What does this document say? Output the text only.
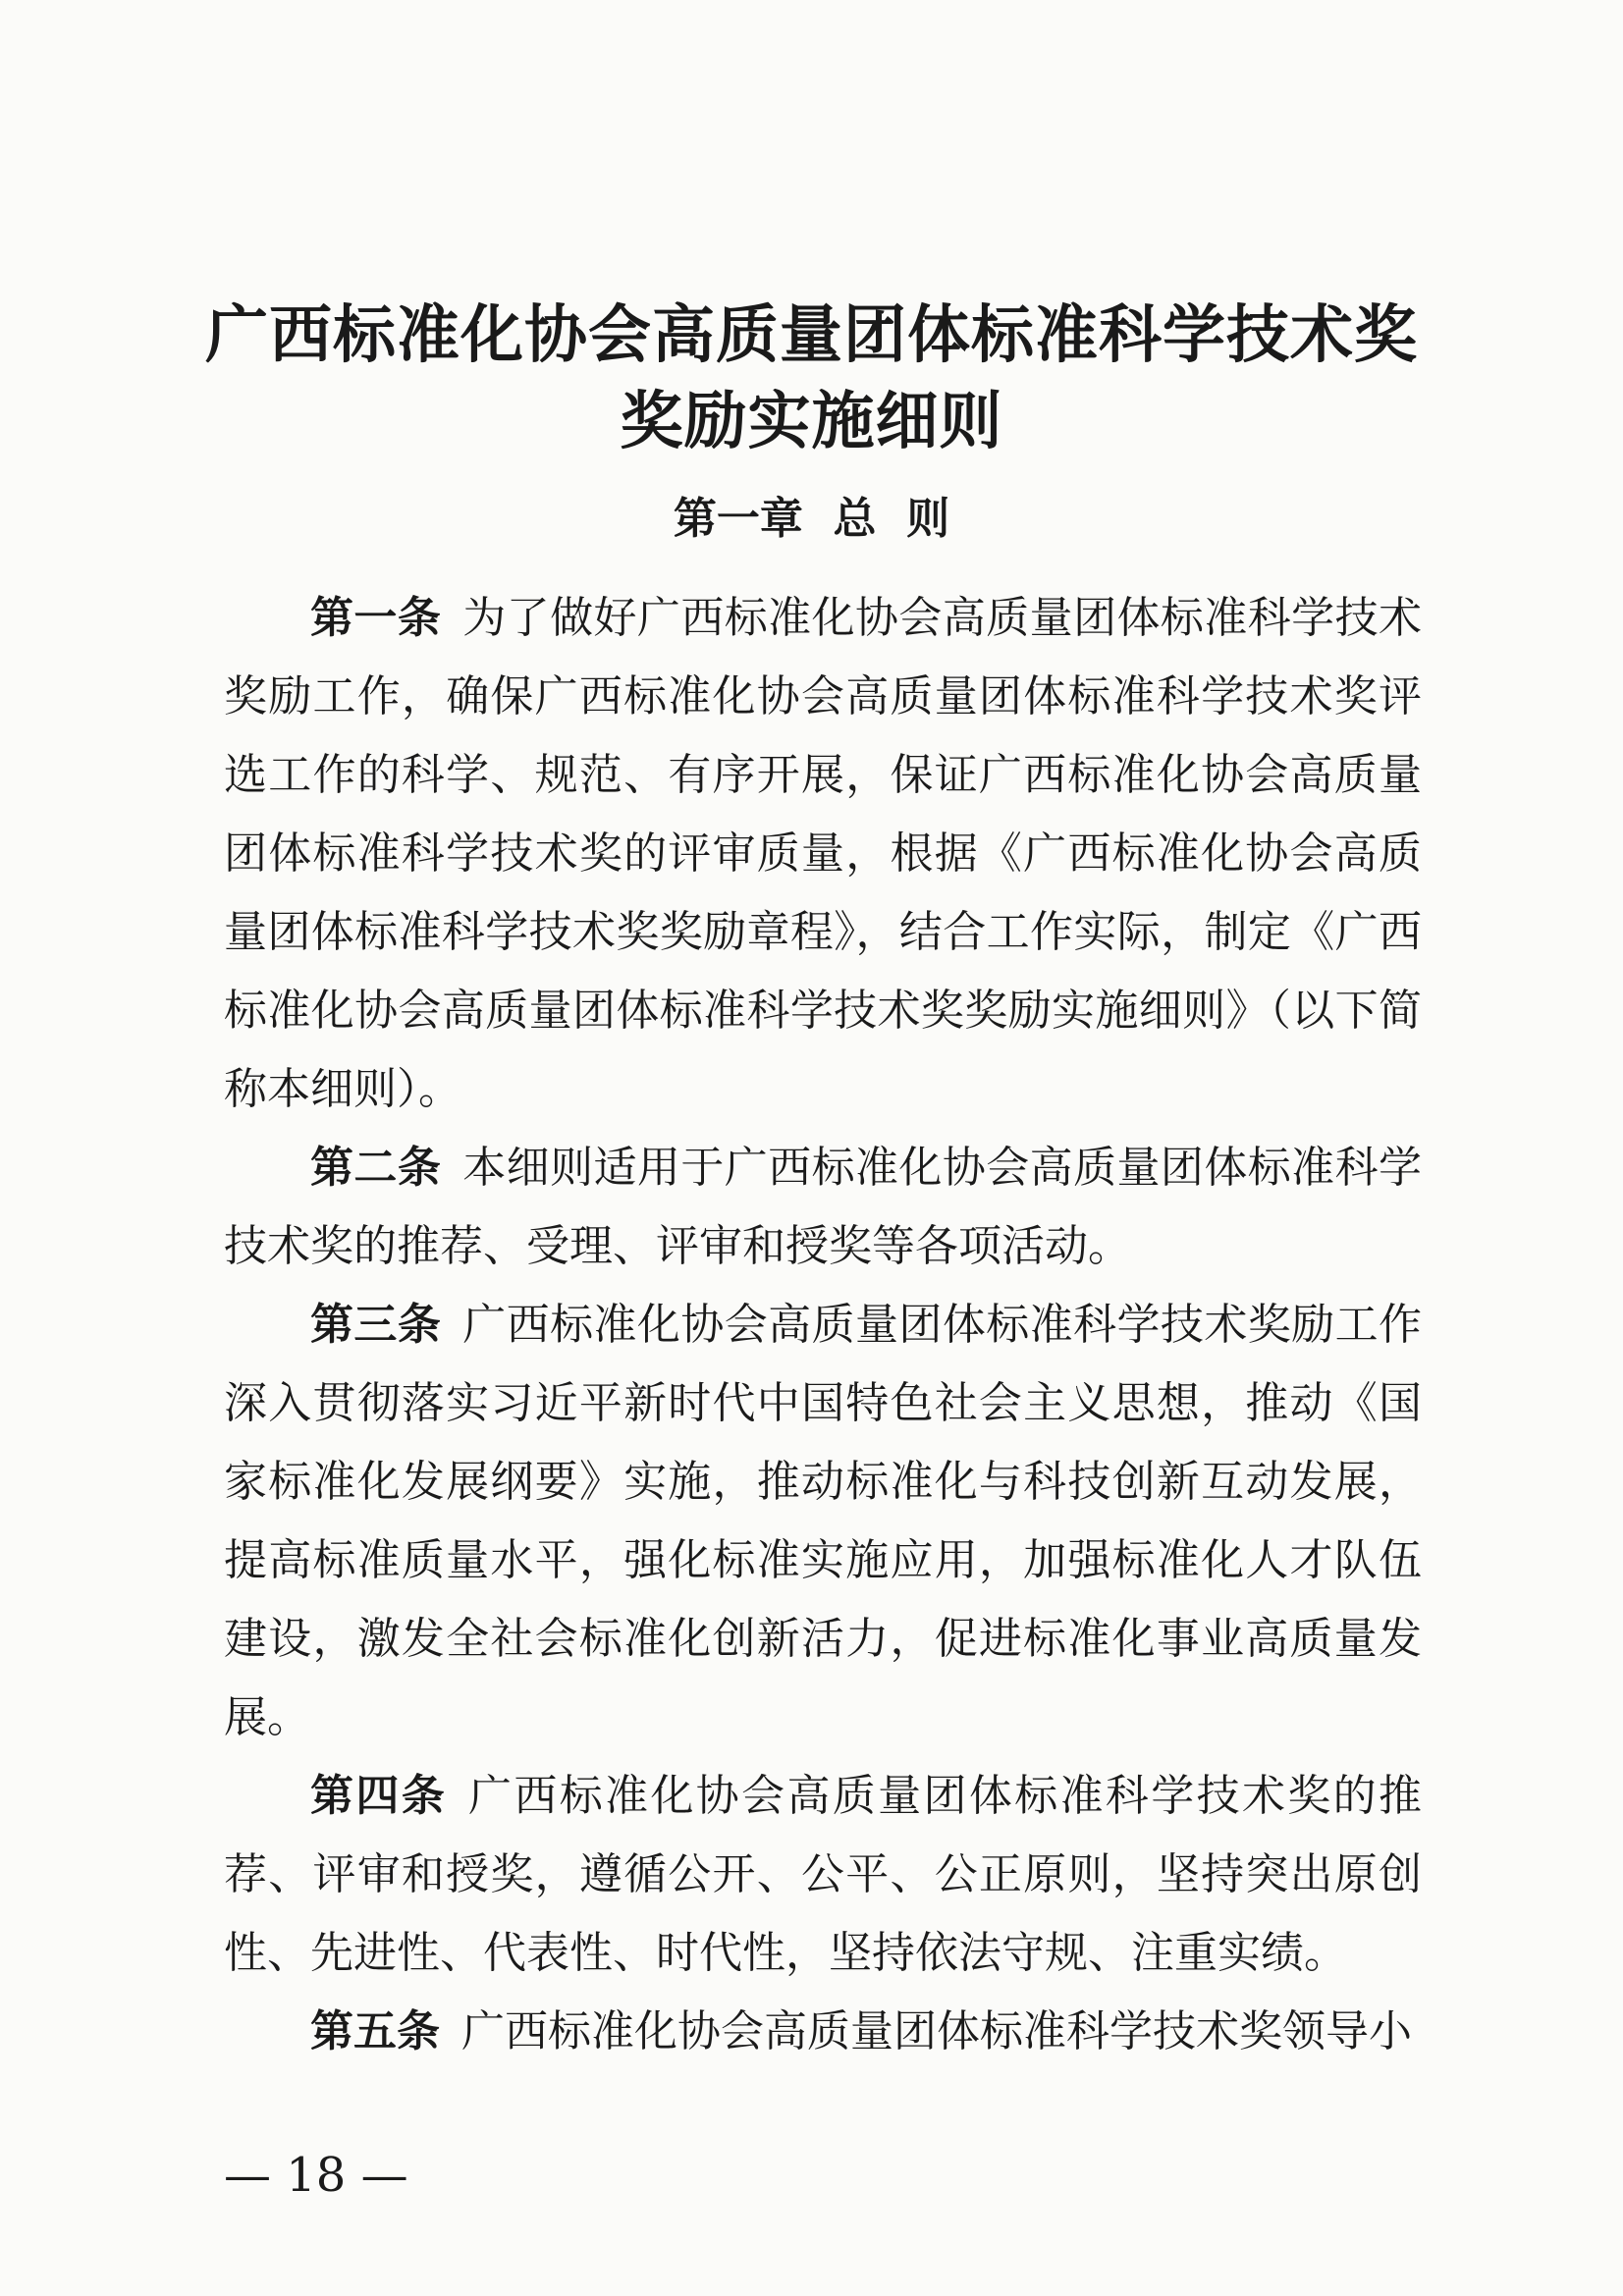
广西标准化协会高质量团体标准科学技术奖
奖励实施细则
第一章  总  则

第一条 为了做好广西标准化协会高质量团体标准科学技术奖励工作，确保广西标准化协会高质量团体标准科学技术奖评选工作的科学、规范、有序开展，保证广西标准化协会高质量团体标准科学技术奖的评审质量，根据《广西标准化协会高质量团体标准科学技术奖奖励章程》，结合工作实际，制定《广西标准化协会高质量团体标准科学技术奖奖励实施细则》（以下简称本细则）。

第二条 本细则适用于广西标准化协会高质量团体标准科学技术奖的推荐、受理、评审和授奖等各项活动。

第三条 广西标准化协会高质量团体标准科学技术奖励工作深入贯彻落实习近平新时代中国特色社会主义思想，推动《国家标准化发展纲要》实施，推动标准化与科技创新互动发展，提高标准质量水平，强化标准实施应用，加强标准化人才队伍建设，激发全社会标准化创新活力，促进标准化事业高质量发展。

第四条 广西标准化协会高质量团体标准科学技术奖的推荐、评审和授奖，遵循公开、公平、公正原则，坚持突出原创性、先进性、代表性、时代性，坚持依法守规、注重实绩。

第五条 广西标准化协会高质量团体标准科学技术奖领导小

— 18 —
